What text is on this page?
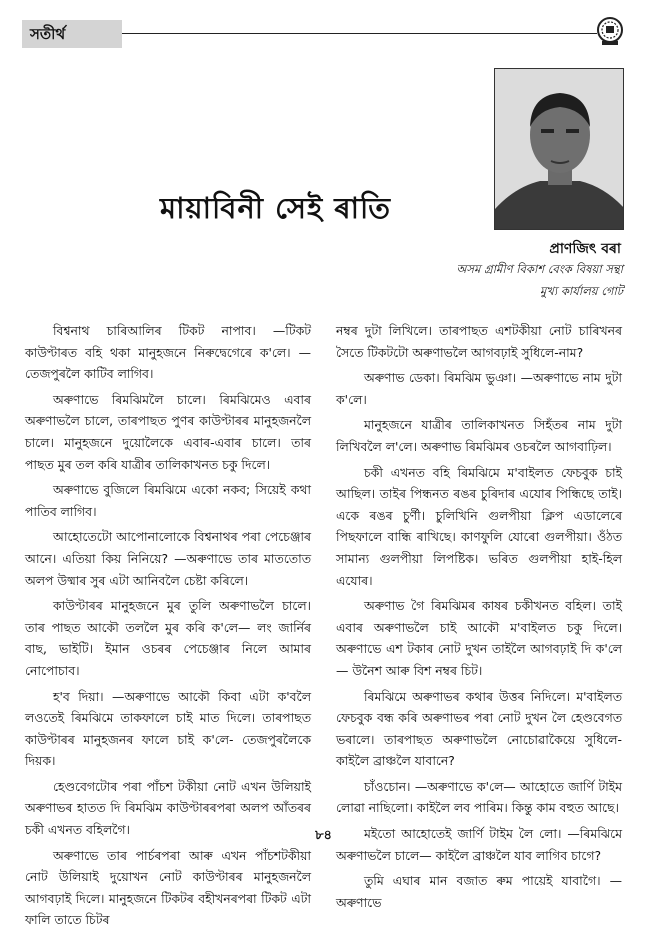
সতীৰ্থ
মায়াবিনী সেই ৰাতি
প্ৰাণজিৎ বৰা
অসম গ্ৰামীণ বিকাশ বেংক বিষয়া সন্থা
মুখ্য কাৰ্যালয় গোট

বিশ্বনাথ চাৰিআলিৰ টিকট নাপাব। —টিকট কাউণ্টাৰত বহি থকা মানুহজনে নিৰুদ্বেগেৰে ক'লে। —তেজপুৰলৈ কাটিব লাগিব।

অৰুণাভে ৰিমঝিমলৈ চালে। ৰিমঝিমেও এবাৰ অৰুণাভলৈ চালে, তাৰপাছত পুণৰ কাউণ্টাৰৰ মানুহজনলৈ চালে। মানুহজনে দুয়োলৈকে এবাৰ-এবাৰ চালে। তাৰ পাছত মুৰ তল কৰি যাত্ৰীৰ তালিকাখনত চকু দিলে।

অৰুণাভে বুজিলে ৰিমঝিমে একো নকব; সিয়েই কথা পাতিব লাগিব।

আহোতেটো আপোনালোকে বিশ্বনাথৰ পৰা পেচেঞ্জাৰ আনে। এতিয়া কিয় নিনিয়ে? —অৰুণাভে তাৰ মাততোত অলপ উষ্মাৰ সুৰ এটা আনিবলৈ চেষ্টা কৰিলে।

কাউণ্টাৰৰ মানুহজনে মুৰ তুলি অৰুণাভলৈ চালে। তাৰ পাছত আকৌ তললৈ মুৰ কৰি ক'লে— লং জাৰ্নিৰ বাছ, ভাইটি। ইমান ওচৰৰ পেচেঞ্জাৰ নিলে আমাৰ নোপোচাব।

হ'ব দিয়া। —অৰুণাভে আকৌ কিবা এটা ক'বলৈ লওতেই ৰিমঝিমে তাকফালে চাই মাত দিলে। তাৰপাছত কাউণ্টাৰৰ মানুহজনৰ ফালে চাই ক'লে- তেজপুৰলৈকে দিয়ক।

হেণ্ডবেগটোৰ পৰা পাঁচশ টকীয়া নোট এখন উলিয়াই অৰুণাভৰ হাতত দি ৰিমঝিম কাউণ্টাৰৰপৰা অলপ আঁতৰৰ চকী এখনত বহিলগৈ।

অৰুণাভে তাৰ পাৰ্চৰপৰা আৰু এখন পাঁচশটকীয়া নোট উলিয়াই দুয়োখন নোট কাউণ্টাৰৰ মানুহজনলৈ আগবঢ়াই দিলে। মানুহজনে টিকটৰ বহীখনৰপৰা টিকট এটা ফালি তাতে চিটৰ

নম্বৰ দুটা লিখিলে। তাৰপাছত এশটকীয়া নোট চাৰিখনৰ সৈতে টিকটটো অৰুণাভলৈ আগবঢ়াই সুধিলে-নাম?

অৰুণাভ ডেকা। ৰিমঝিম ভুঞা। —অৰুণাভে নাম দুটা ক'লে।

মানুহজনে যাত্ৰীৰ তালিকাখনত সিহঁতৰ নাম দুটা লিখিবলৈ ল'লে। অৰুণাভ ৰিমঝিমৰ ওচৰলৈ আগবাঢ়িল।

চকী এখনত বহি ৰিমঝিমে ম'বাইলত ফেচবুক চাই আছিল। তাইৰ পিন্ধনত ৰঙৰ চুৰিদাৰ এযোৰ পিন্ধিছে তাই। একে ৰঙৰ চুৰ্ণী। চুলিখিনি গুলপীয়া ক্লিপ এডালেৰে পিছফালে বান্ধি ৰাখিছে। কাণফুলি যোৰো গুলপীয়া। ওঁঠত সামান্য গুলপীয়া লিপষ্টিক। ভৰিত গুলপীয়া হাই-হিল এযোৰ।

অৰুণাভ গৈ ৰিমঝিমৰ কাষৰ চকীখনত বহিল। তাই এবাৰ অৰুণাভলৈ চাই আকৌ ম'বাইলত চকু দিলে। অৰুণাভে এশ টকাৰ নোট দুখন তাইলৈ আগবঢ়াই দি ক'লে— উনৈশ আৰু বিশ নম্বৰ চিট।

ৰিমঝিমে অৰুণাভৰ কথাৰ উত্তৰ নিদিলে। ম'বাইলত ফেচবুক বন্ধ কৰি অৰুণাভৰ পৰা নোট দুখন লৈ হেণ্ডবেগত ভৰালে। তাৰপাছত অৰুণাভলৈ নোচোৱাকৈয়ে সুধিলে- কাইলৈ ব্ৰাঞ্চলৈ যাবানে?

চাঁওচোন। —অৰুণাভে ক'লে— আহোতে জাৰ্ণি টাইম লোৱা নাছিলো। কাইলৈ লব পাৰিম। কিন্তু কাম বহুত আছে।

মইতো আহোতেই জাৰ্ণি টাইম লৈ লো। —ৰিমঝিমে অৰুণাভলৈ চালে— কাইলৈ ব্ৰাঞ্চলৈ যাব লাগিব চাগে?

তুমি এঘাৰ মান বজাত ৰুম পায়েই যাবাগৈ। —অৰুণাভে

৮৪
